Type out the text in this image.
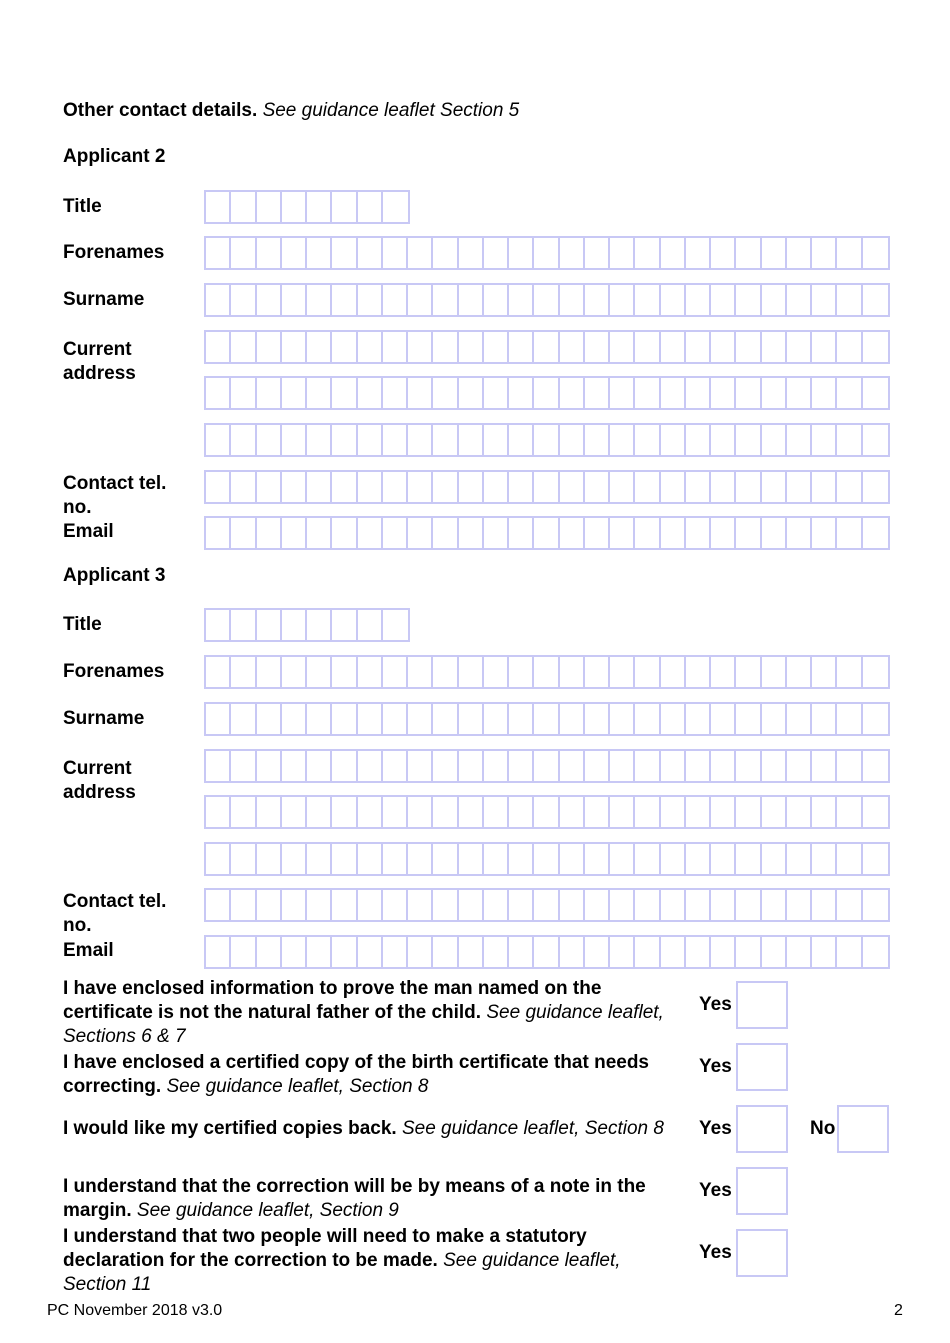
Other contact details. See guidance leaflet Section 5
Applicant 2
Title
Forenames
Surname
Current
address
Contact tel.
no.
Email
Applicant 3
Title
Forenames
Surname
Current
address
Contact tel.
no.
Email
I have enclosed information to prove the man named on the certificate is not the natural father of the child. See guidance leaflet, Sections 6 & 7
Yes
I have enclosed a certified copy of the birth certificate that needs correcting. See guidance leaflet, Section 8
Yes
I would like my certified copies back. See guidance leaflet, Section 8	Yes	No
I understand that the correction will be by means of a note in the margin. See guidance leaflet, Section 9
Yes
I understand that two people will need to make a statutory declaration for the correction to be made. See guidance leaflet, Section 11
Yes
PC November 2018 v3.0	2
